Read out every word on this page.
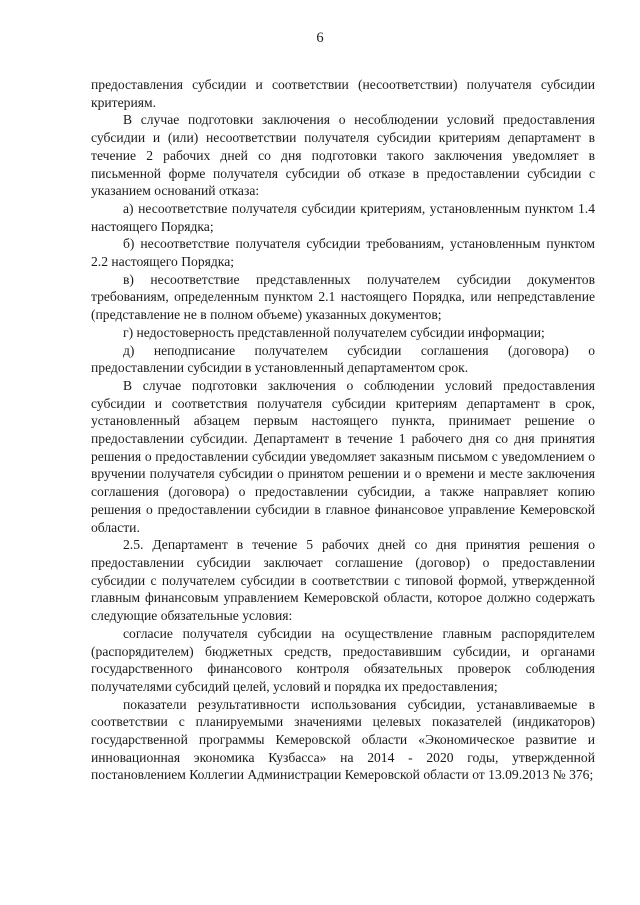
6

предоставления субсидии и соответствии (несоответствии) получателя субсидии критериям.

В случае подготовки заключения о несоблюдении условий предоставления субсидии и (или) несоответствии получателя субсидии критериям департамент в течение 2 рабочих дней со дня подготовки такого заключения уведомляет в письменной форме получателя субсидии об отказе в предоставлении субсидии с указанием оснований отказа:

а) несоответствие получателя субсидии критериям, установленным пунктом 1.4 настоящего Порядка;

б) несоответствие получателя субсидии требованиям, установленным пунктом 2.2 настоящего Порядка;

в) несоответствие представленных получателем субсидии документов требованиям, определенным пунктом 2.1 настоящего Порядка, или непредставление (представление не в полном объеме) указанных документов;

г) недостоверность представленной получателем субсидии информации;

д) неподписание получателем субсидии соглашения (договора) о предоставлении субсидии в установленный департаментом срок.

В случае подготовки заключения о соблюдении условий предоставления субсидии и соответствия получателя субсидии критериям департамент в срок, установленный абзацем первым настоящего пункта, принимает решение о предоставлении субсидии. Департамент в течение 1 рабочего дня со дня принятия решения о предоставлении субсидии уведомляет заказным письмом с уведомлением о вручении получателя субсидии о принятом решении и о времени и месте заключения соглашения (договора) о предоставлении субсидии, а также направляет копию решения о предоставлении субсидии в главное финансовое управление Кемеровской области.

2.5. Департамент в течение 5 рабочих дней со дня принятия решения о предоставлении субсидии заключает соглашение (договор) о предоставлении субсидии с получателем субсидии в соответствии с типовой формой, утвержденной главным финансовым управлением Кемеровской области, которое должно содержать следующие обязательные условия:

согласие получателя субсидии на осуществление главным распорядителем (распорядителем) бюджетных средств, предоставившим субсидии, и органами государственного финансового контроля обязательных проверок соблюдения получателями субсидий целей, условий и порядка их предоставления;

показатели результативности использования субсидии, устанавливаемые в соответствии с планируемыми значениями целевых показателей (индикаторов) государственной программы Кемеровской области «Экономическое развитие и инновационная экономика Кузбасса» на 2014 - 2020 годы, утвержденной постановлением Коллегии Администрации Кемеровской области от 13.09.2013 № 376;
